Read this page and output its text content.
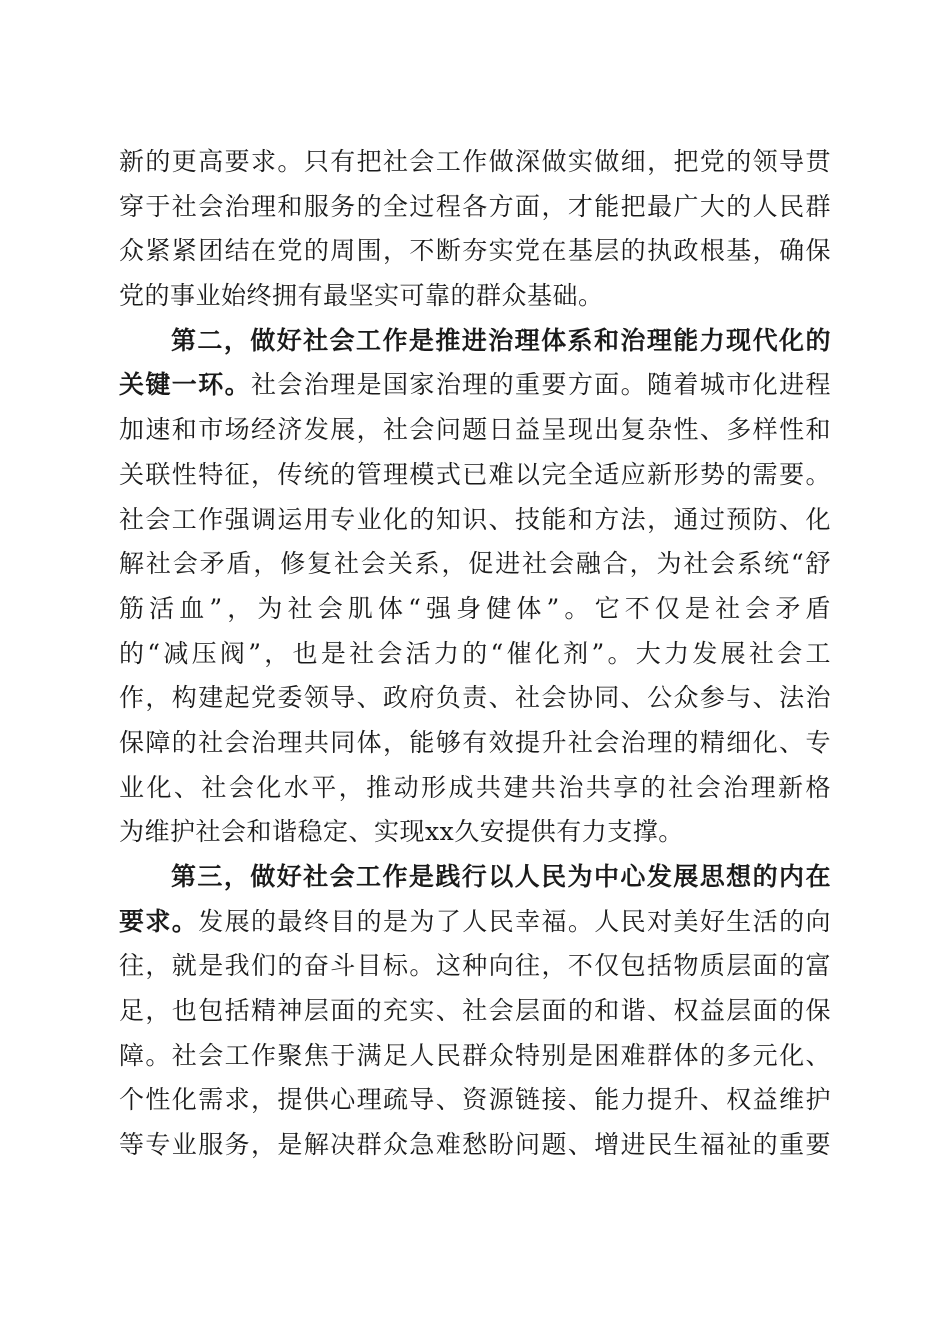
新的更高要求。只有把社会工作做深做实做细，把党的领导贯
穿于社会治理和服务的全过程各方面，才能把最广大的人民群
众紧紧团结在党的周围，不断夯实党在基层的执政根基，确保
党的事业始终拥有最坚实可靠的群众基础。
第二，做好社会工作是推进治理体系和治理能力现代化的
关键一环。社会治理是国家治理的重要方面。随着城市化进程
加速和市场经济发展，社会问题日益呈现出复杂性、多样性和
关联性特征，传统的管理模式已难以完全适应新形势的需要。
社会工作强调运用专业化的知识、技能和方法，通过预防、化
解社会矛盾，修复社会关系，促进社会融合，为社会系统“舒
筋活血”，为社会肌体“强身健体”。它不仅是社会矛盾
的“减压阀”，也是社会活力的“催化剂”。大力发展社会工
作，构建起党委领导、政府负责、社会协同、公众参与、法治
保障的社会治理共同体，能够有效提升社会治理的精细化、专
业化、社会化水平，推动形成共建共治共享的社会治理新格
为维护社会和谐稳定、实现xx久安提供有力支撑。
第三，做好社会工作是践行以人民为中心发展思想的内在
要求。发展的最终目的是为了人民幸福。人民对美好生活的向
往，就是我们的奋斗目标。这种向往，不仅包括物质层面的富
足，也包括精神层面的充实、社会层面的和谐、权益层面的保
障。社会工作聚焦于满足人民群众特别是困难群体的多元化、
个性化需求，提供心理疏导、资源链接、能力提升、权益维护
等专业服务，是解决群众急难愁盼问题、增进民生福祉的重要
